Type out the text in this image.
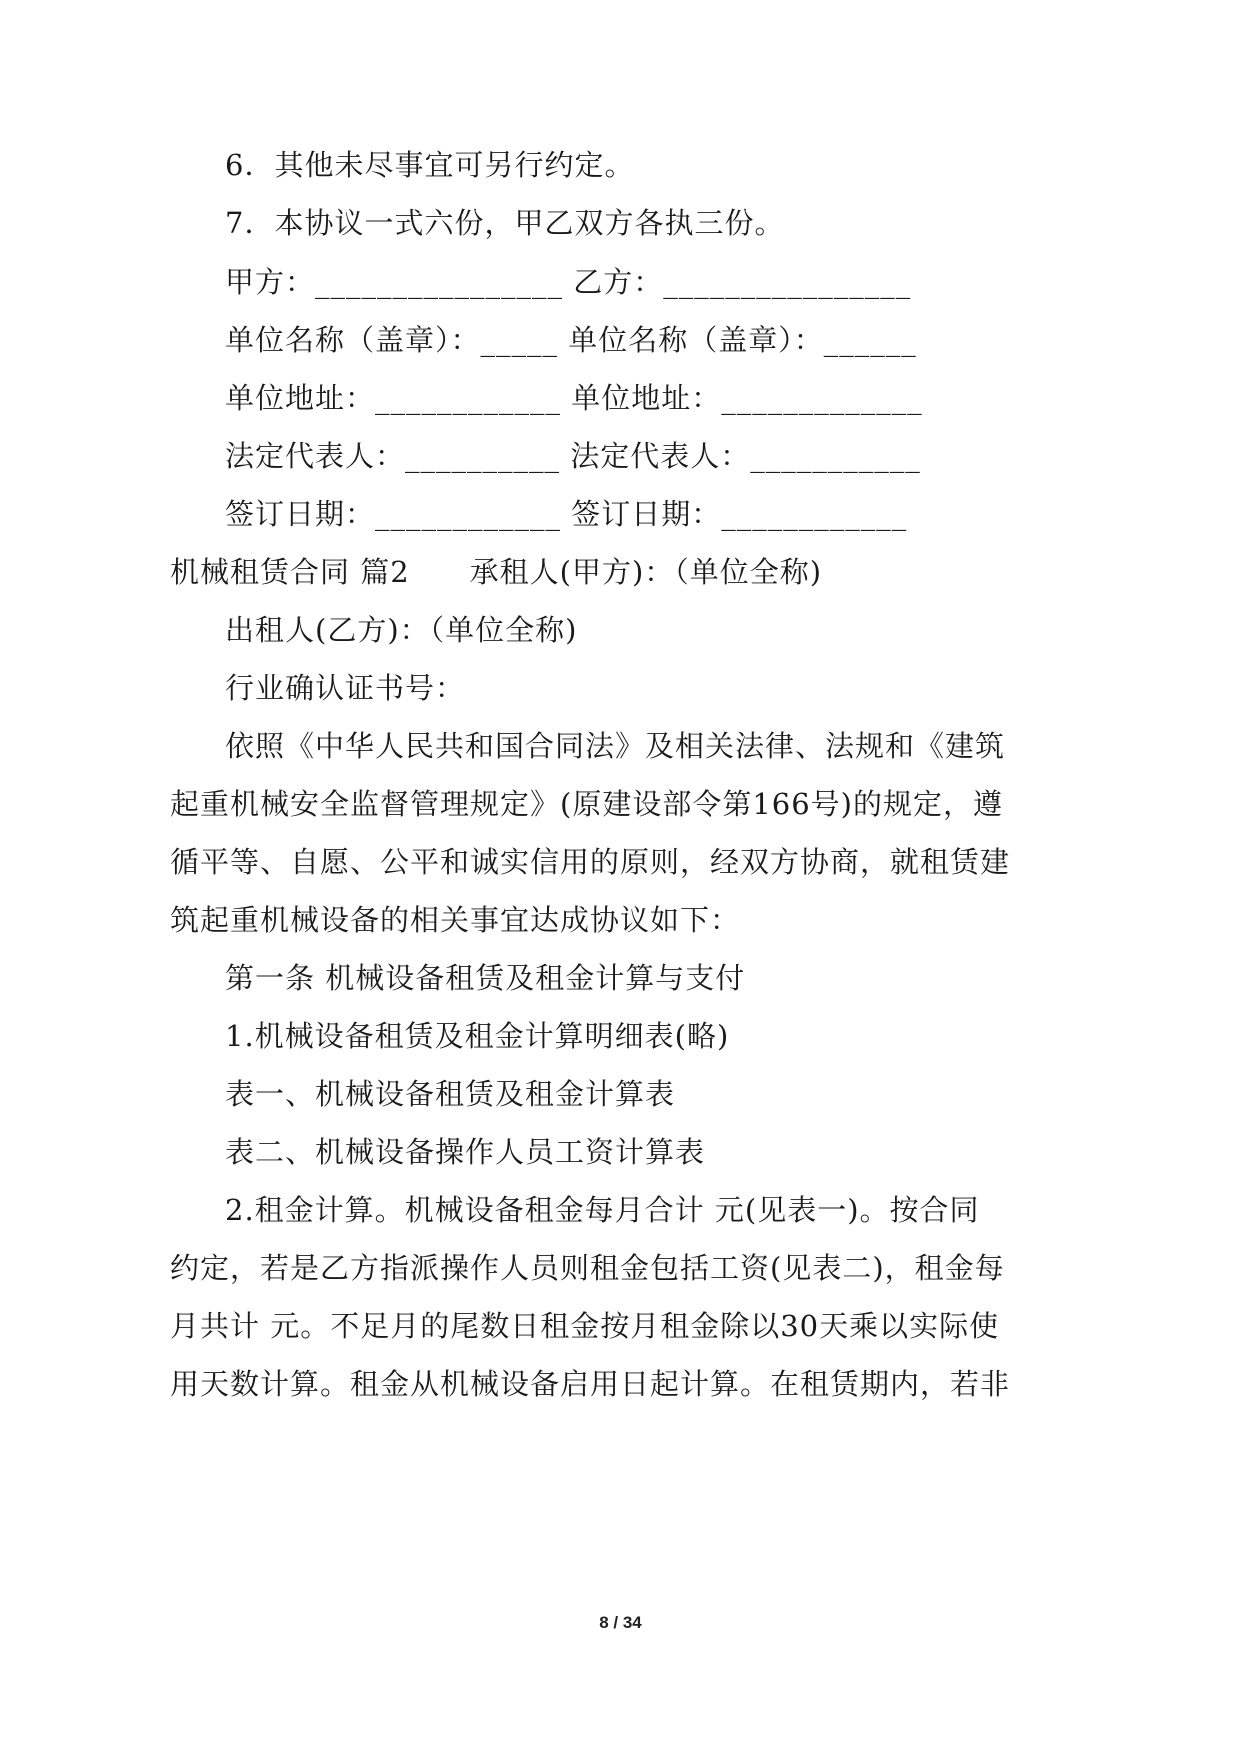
6．其他未尽事宜可另行约定。
7．本协议一式六份，甲乙双方各执三份。
甲方：________________ 乙方：________________
单位名称（盖章）：_____ 单位名称（盖章）：______
单位地址：____________ 单位地址：_____________
法定代表人：__________ 法定代表人：___________
签订日期：____________ 签订日期：____________
机械租赁合同 篇2　　承租人(甲方)：（单位全称)
出租人(乙方)：（单位全称)
行业确认证书号：
依照《中华人民共和国合同法》及相关法律、法规和《建筑
起重机械安全监督管理规定》(原建设部令第166号)的规定，遵
循平等、自愿、公平和诚实信用的原则，经双方协商，就租赁建
筑起重机械设备的相关事宜达成协议如下：
第一条 机械设备租赁及租金计算与支付
1.机械设备租赁及租金计算明细表(略)
表一、机械设备租赁及租金计算表
表二、机械设备操作人员工资计算表
2.租金计算。机械设备租金每月合计 元(见表一)。按合同
约定，若是乙方指派操作人员则租金包括工资(见表二)，租金每
月共计 元。不足月的尾数日租金按月租金除以30天乘以实际使
用天数计算。租金从机械设备启用日起计算。在租赁期内，若非
8 / 34
